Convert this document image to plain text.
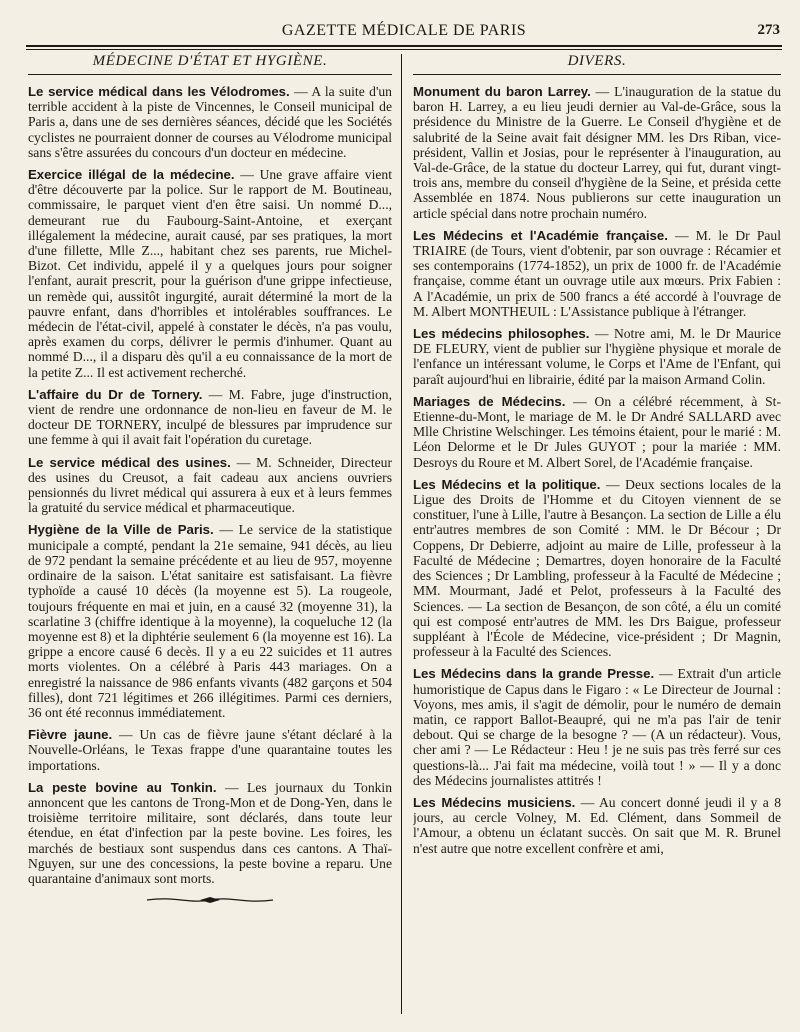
GAZETTE MÉDICALE DE PARIS	273
MÉDECINE D'ÉTAT ET HYGIÈNE.

Le service médical dans les Vélodromes. — A la suite d'un terrible accident à la piste de Vincennes, le Conseil municipal de Paris a, dans une de ses dernières séances, décidé que les Sociétés cyclistes ne pourraient donner de courses au Vélodrome municipal sans s'être assurées du concours d'un docteur en médecine.

Exercice illégal de la médecine. — Une grave affaire vient d'être découverte par la police. Sur le rapport de M. Boutineau, commissaire, le parquet vient d'en être saisi. Un nommé D..., demeurant rue du Faubourg-Saint-Antoine, et exerçant illégalement la médecine, aurait causé, par ses pratiques, la mort d'une fillette, Mlle Z..., habitant chez ses parents, rue Michel-Bizot. Cet individu, appelé il y a quelques jours pour soigner l'enfant, aurait prescrit, pour la guérison d'une grippe infectieuse, un remède qui, aussitôt ingurgité, aurait déterminé la mort de la pauvre enfant, dans d'horribles et intolérables souffrances. Le médecin de l'état-civil, appelé à constater le décès, n'a pas voulu, après examen du corps, délivrer le permis d'inhumer. Quant au nommé D..., il a disparu dès qu'il a eu connaissance de la mort de la petite Z... Il est activement recherché.

L'affaire du Dr de Tornery. — M. Fabre, juge d'instruction, vient de rendre une ordonnance de non-lieu en faveur de M. le docteur DE TORNERY, inculpé de blessures par imprudence sur une femme à qui il avait fait l'opération du curetage.

Le service médical des usines. — M. Schneider, Directeur des usines du Creusot, a fait cadeau aux anciens ouvriers pensionnés du livret médical qui assurera à eux et à leurs femmes la gratuité du service médical et pharmaceutique.

Hygiène de la Ville de Paris. — Le service de la statistique municipale a compté, pendant la 21e semaine, 941 décès, au lieu de 972 pendant la semaine précédente et au lieu de 957, moyenne ordinaire de la saison. L'état sanitaire est satisfaisant. La fièvre typhoïde a causé 10 décès (la moyenne est 5). La rougeole, toujours fréquente en mai et juin, en a causé 32 (moyenne 31), la scarlatine 3 (chiffre identique à la moyenne), la coqueluche 12 (la moyenne est 8) et la diphtérie seulement 6 (la moyenne est 16). La grippe a encore causé 6 decès. Il y a eu 22 suicides et 11 autres morts violentes. On a célébré à Paris 443 mariages. On a enregistré la naissance de 986 enfants vivants (482 garçons et 504 filles), dont 721 légitimes et 266 illégitimes. Parmi ces derniers, 36 ont été reconnus immédiatement.

Fièvre jaune. — Un cas de fièvre jaune s'étant déclaré à la Nouvelle-Orléans, le Texas frappe d'une quarantaine toutes les importations.

La peste bovine au Tonkin. — Les journaux du Tonkin annoncent que les cantons de Trong-Mon et de Dong-Yen, dans le troisième territoire militaire, sont déclarés, dans toute leur étendue, en état d'infection par la peste bovine. Les foires, les marchés de bestiaux sont suspendus dans ces cantons. A Thaï-Nguyen, sur une des concessions, la peste bovine a reparu. Une quarantaine d'animaux sont morts.

DIVERS.

Monument du baron Larrey. — L'inauguration de la statue du baron H. Larrey, a eu lieu jeudi dernier au Val-de-Grâce, sous la présidence du Ministre de la Guerre. Le Conseil d'hygiène et de salubrité de la Seine avait fait désigner MM. les Drs Riban, vice-président, Vallin et Josias, pour le représenter à l'inauguration, au Val-de-Grâce, de la statue du docteur Larrey, qui fut, durant vingt-trois ans, membre du conseil d'hygiène de la Seine, et présida cette Assemblée en 1874. Nous publierons sur cette inauguration un article spécial dans notre prochain numéro.

Les Médecins et l'Académie française. — M. le Dr Paul TRIAIRE (de Tours, vient d'obtenir, par son ouvrage : Récamier et ses contemporains (1774-1852), un prix de 1000 fr. de l'Académie française, comme étant un ouvrage utile aux mœurs. Prix Fabien : A l'Académie, un prix de 500 francs a été accordé à l'ouvrage de M. Albert MONTHEUIL : L'Assistance publique à l'étranger.

Les médecins philosophes. — Notre ami, M. le Dr Maurice DE FLEURY, vient de publier sur l'hygiène physique et morale de l'enfance un intéressant volume, le Corps et l'Ame de l'Enfant, qui paraît aujourd'hui en librairie, édité par la maison Armand Colin.

Mariages de Médecins. — On a célébré récemment, à St-Etienne-du-Mont, le mariage de M. le Dr André SALLARD avec Mlle Christine Welschinger. Les témoins étaient, pour le marié : M. Léon Delorme et le Dr Jules GUYOT ; pour la mariée : MM. Desroys du Roure et M. Albert Sorel, de l'Académie française.

Les Médecins et la politique. — Deux sections locales de la Ligue des Droits de l'Homme et du Citoyen viennent de se constituer, l'une à Lille, l'autre à Besançon. La section de Lille a élu entr'autres membres de son Comité : MM. le Dr Bécour ; Dr Coppens, Dr Debierre, adjoint au maire de Lille, professeur à la Faculté de Médecine ; Demartres, doyen honoraire de la Faculté des Sciences ; Dr Lambling, professeur à la Faculté de Médecine ; MM. Mourmant, Jadé et Pelot, professeurs à la Faculté des Sciences. — La section de Besançon, de son côté, a élu un comité qui est composé entr'autres de MM. les Drs Baigue, professeur suppléant à l'École de Médecine, vice-président ; Dr Magnin, professeur à la Faculté des Sciences.

Les Médecins dans la grande Presse. — Extrait d'un article humoristique de Capus dans le Figaro : « Le Directeur de Journal : Voyons, mes amis, il s'agit de démolir, pour le numéro de demain matin, ce rapport Ballot-Beaupré, qui ne m'a pas l'air de tenir debout. Qui se charge de la besogne ? — (A un rédacteur). Vous, cher ami ? — Le Rédacteur : Heu ! je ne suis pas très ferré sur ces questions-là... J'ai fait ma médecine, voilà tout ! » — Il y a donc des Médecins journalistes attitrés !

Les Médecins musiciens. — Au concert donné jeudi il y a 8 jours, au cercle Volney, M. Ed. Clément, dans Sommeil de l'Amour, a obtenu un éclatant succès. On sait que M. R. Brunel n'est autre que notre excellent confrère et ami,
